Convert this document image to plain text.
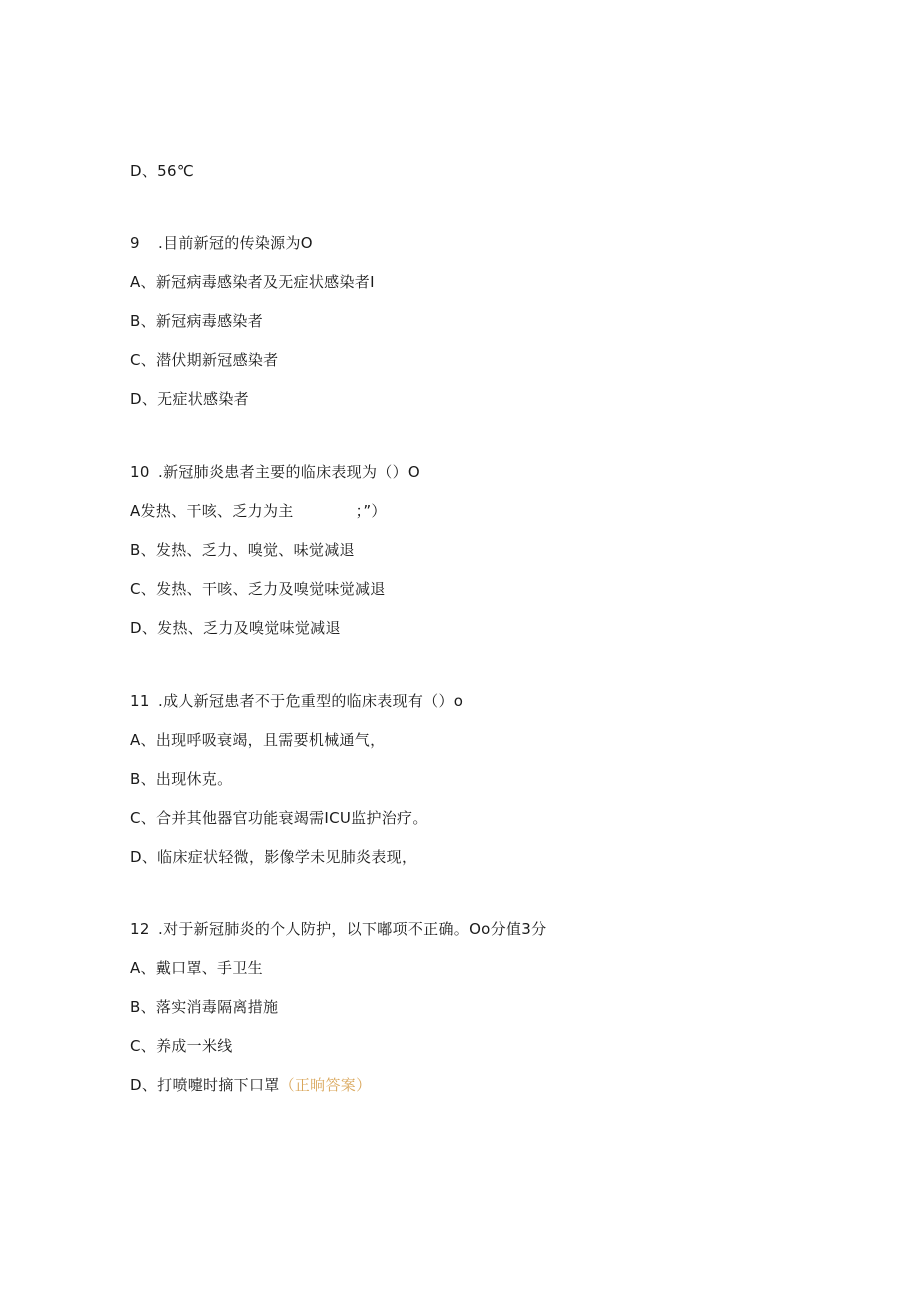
D、56℃
9 .目前新冠的传染源为O
A、新冠病毒感染者及无症状感染者I
B、新冠病毒感染者
C、潜伏期新冠感染者
D、无症状感染者
10 .新冠肺炎患者主要的临床表现为（）O
A发热、干咳、乏力为主	；”）
B、发热、乏力、嗅觉、味觉减退
C、发热、干咳、乏力及嗅觉味觉减退
D、发热、乏力及嗅觉味觉减退
11 .成人新冠患者不于危重型的临床表现有（）o
A、出现呼吸衰竭，且需要机械通气，
B、出现休克。
C、合并其他器官功能衰竭需ICU监护治疗。
D、临床症状轻微，影像学未见肺炎表现，
12 .对于新冠肺炎的个人防护，以下嘟项不正确。Oo分值3分
A、戴口罩、手卫生
B、落实消毒隔离措施
C、养成一米线
D、打喷嚏时摘下口罩（正晌答案）
